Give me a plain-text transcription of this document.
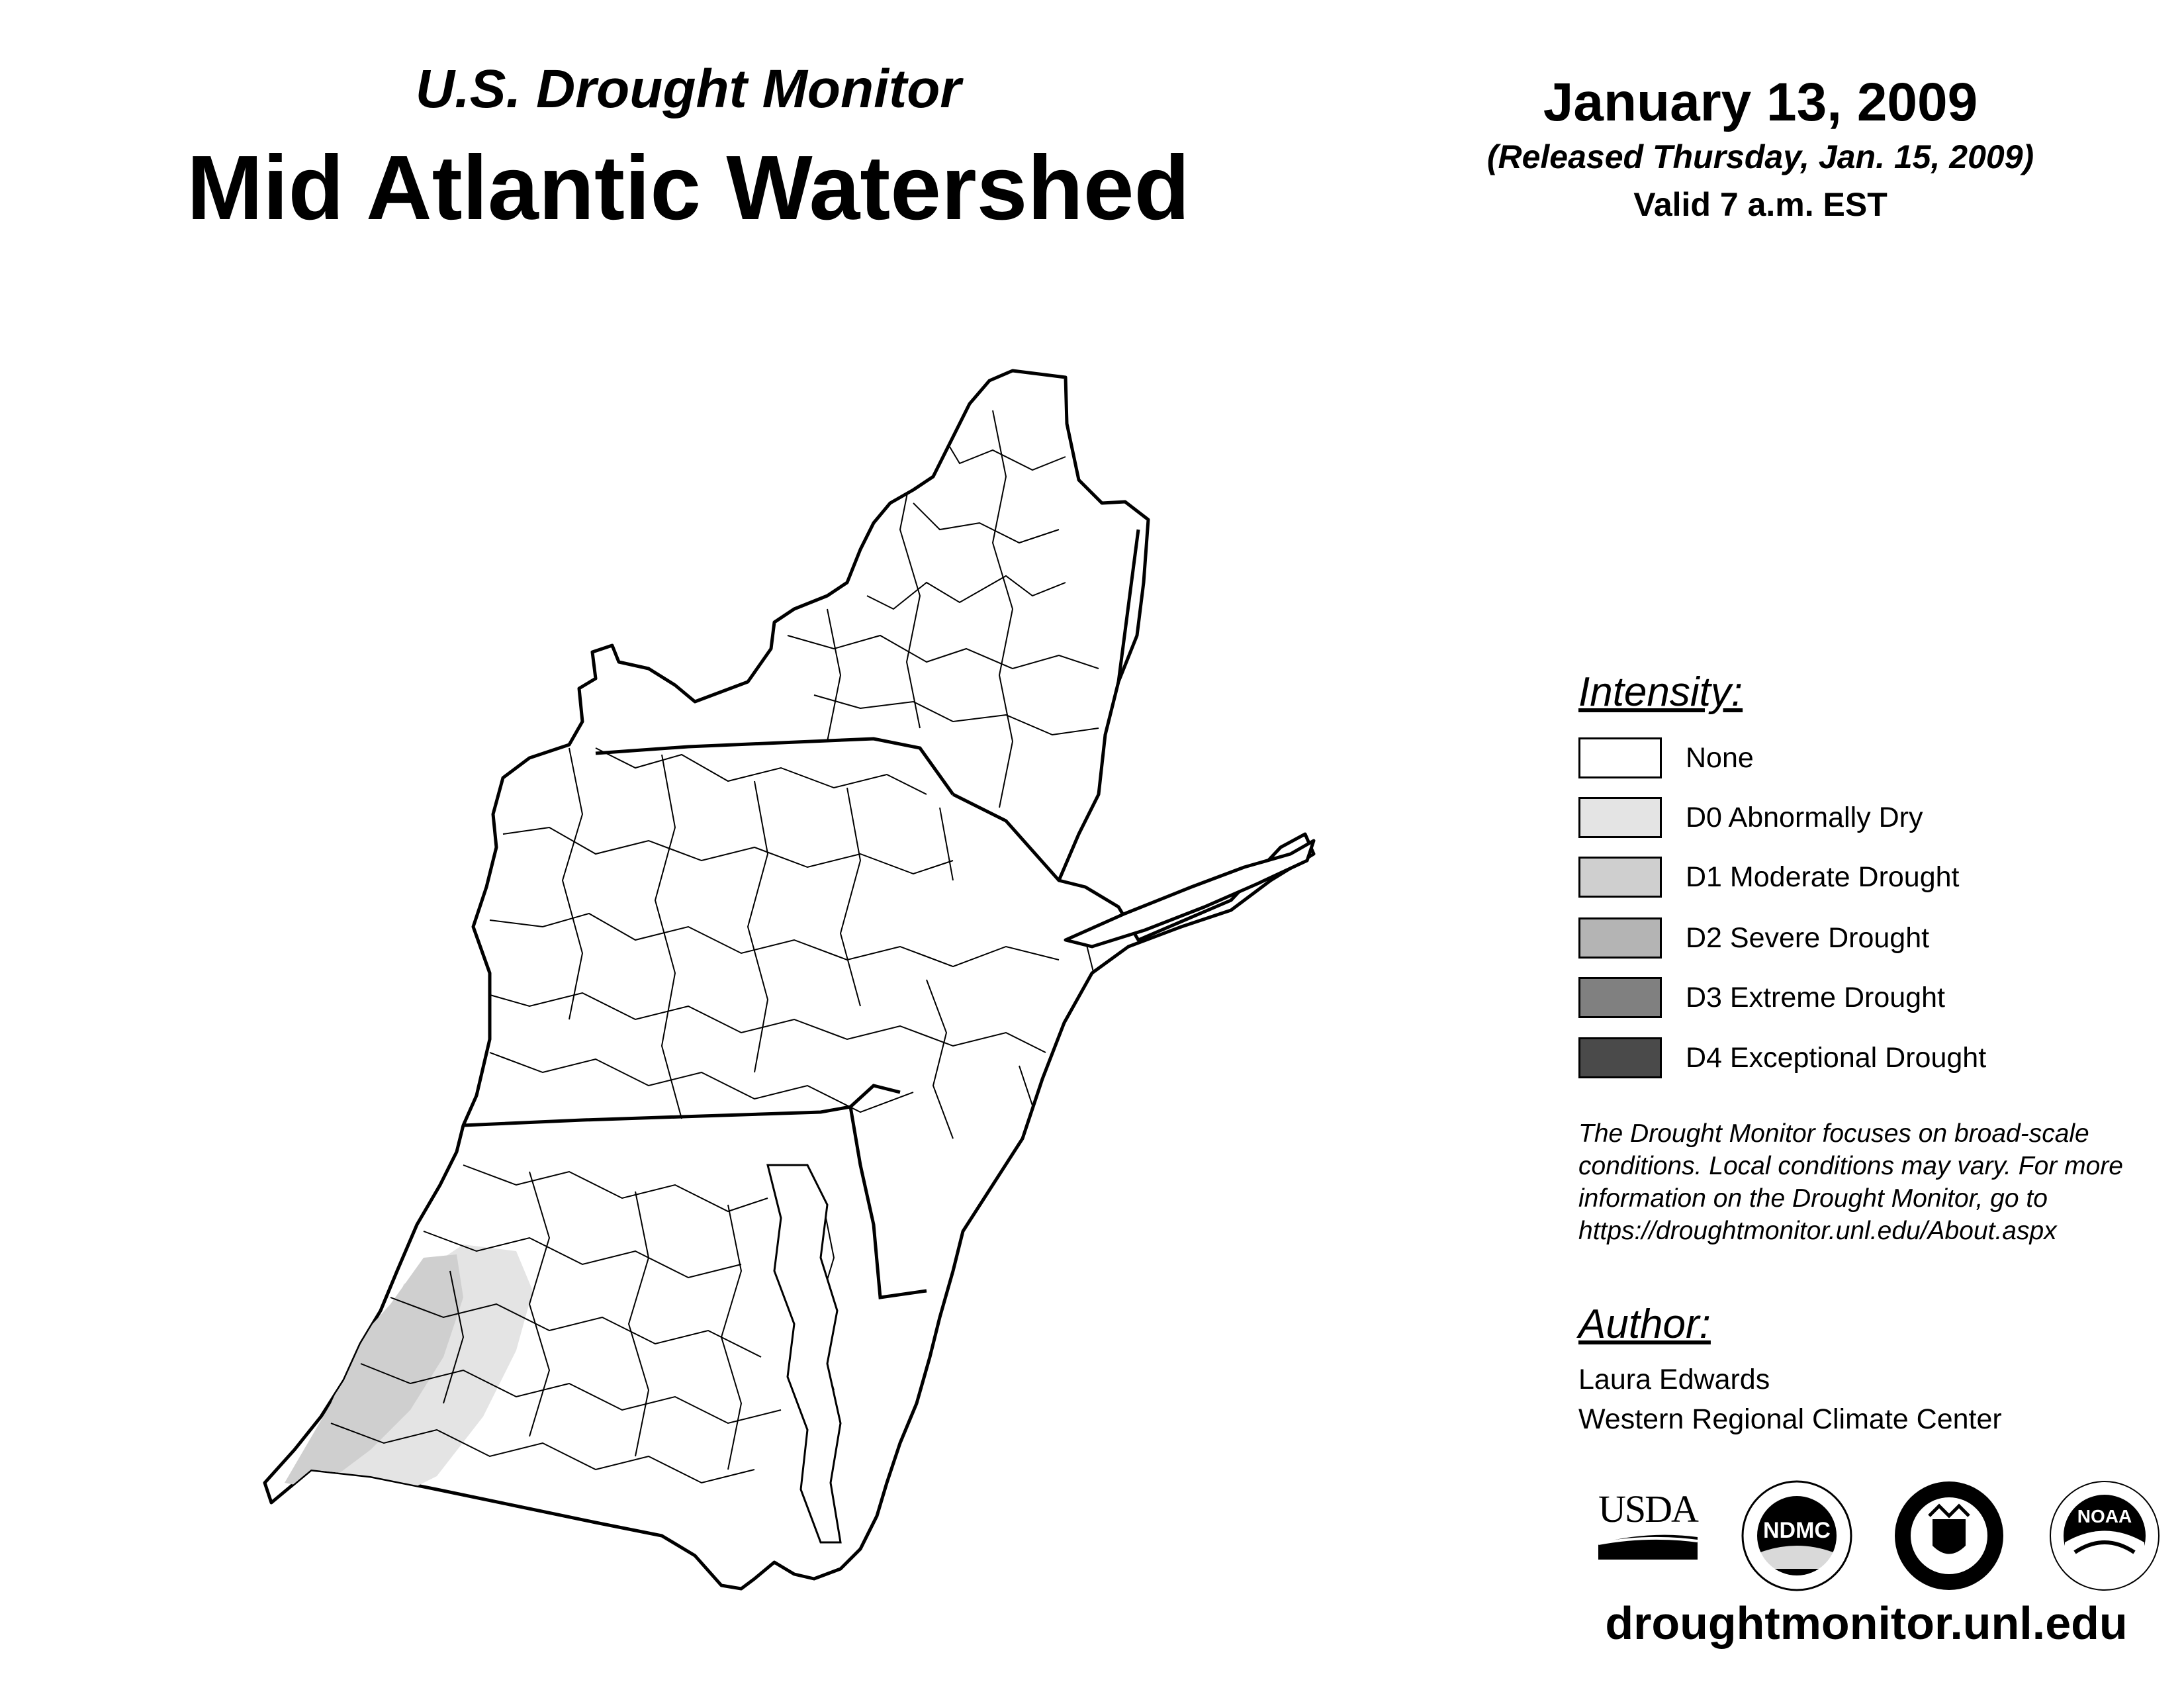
U.S. Drought Monitor
Mid Atlantic Watershed
January 13, 2009
(Released Thursday, Jan. 15, 2009)
Valid 7 a.m. EST
Intensity:
None
D0 Abnormally Dry
D1 Moderate Drought
D2 Severe Drought
D3 Extreme Drought
D4 Exceptional Drought
The Drought Monitor focuses on broad-scale
conditions. Local conditions may vary. For more
information on the Drought Monitor, go to
https://droughtmonitor.unl.edu/About.aspx
Author:
Laura Edwards
Western Regional Climate Center
USDA	NDMC
NOAA
droughtmonitor.unl.edu
